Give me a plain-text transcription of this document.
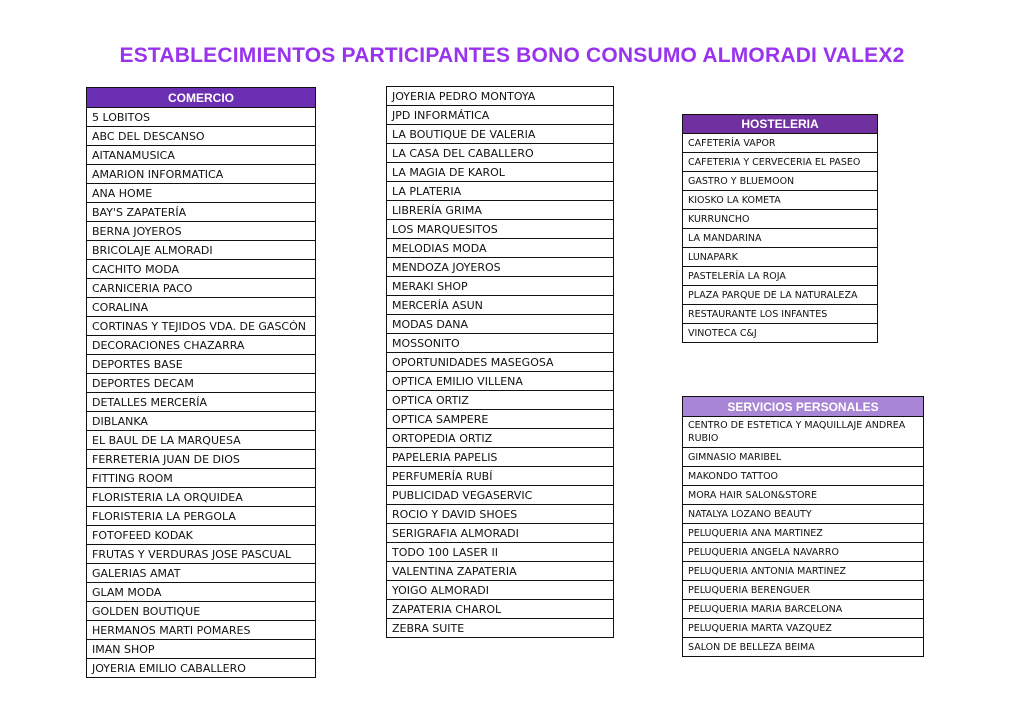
ESTABLECIMIENTOS PARTICIPANTES BONO CONSUMO ALMORADI VALEX2
COMERCIO
5 LOBITOS
ABC DEL DESCANSO
AITANAMUSICA
AMARION INFORMATICA
ANA HOME
BAY'S ZAPATERÍA
BERNA JOYEROS
BRICOLAJE ALMORADI
CACHITO MODA
CARNICERIA PACO
CORALINA
CORTINAS Y TEJIDOS VDA. DE GASCÓN
DECORACIONES CHAZARRA
DEPORTES BASE
DEPORTES DECAM
DETALLES MERCERÍA
DIBLANKA
EL BAUL DE LA MARQUESA
FERRETERIA JUAN DE DIOS
FITTING ROOM
FLORISTERIA LA ORQUIDEA
FLORISTERIA LA PERGOLA
FOTOFEED KODAK
FRUTAS Y VERDURAS JOSE PASCUAL
GALERIAS AMAT
GLAM MODA
GOLDEN BOUTIQUE
HERMANOS MARTI POMARES
IMAN SHOP
JOYERIA EMILIO CABALLERO
JOYERIA PEDRO MONTOYA
JPD INFORMÁTICA
LA BOUTIQUE DE VALERIA
LA CASA DEL CABALLERO
LA MAGIA DE KAROL
LA PLATERIA
LIBRERÍA GRIMA
LOS MARQUESITOS
MELODIAS MODA
MENDOZA JOYEROS
MERAKI SHOP
MERCERÍA ASUN
MODAS DANA
MOSSONITO
OPORTUNIDADES MASEGOSA
OPTICA EMILIO VILLENA
OPTICA ORTIZ
OPTICA SAMPERE
ORTOPEDIA ORTIZ
PAPELERIA PAPELIS
PERFUMERÍA RUBÍ
PUBLICIDAD VEGASERVIC
ROCIO Y DAVID SHOES
SERIGRAFIA ALMORADI
TODO 100 LASER II
VALENTINA ZAPATERIA
YOIGO ALMORADI
ZAPATERIA CHAROL
ZEBRA SUITE
HOSTELERIA
CAFETERÍA VAPOR
CAFETERIA Y CERVECERIA EL PASEO
GASTRO Y BLUEMOON
KIOSKO LA KOMETA
KURRUNCHO
LA MANDARINA
LUNAPARK
PASTELERÍA LA ROJA
PLAZA PARQUE DE LA NATURALEZA
RESTAURANTE LOS INFANTES
VINOTECA C&J
SERVICIOS PERSONALES
CENTRO DE ESTETICA Y MAQUILLAJE ANDREA RUBIO
GIMNASIO MARIBEL
MAKONDO TATTOO
MORA HAIR SALON&STORE
NATALYA LOZANO BEAUTY
PELUQUERIA ANA MARTINEZ
PELUQUERIA ANGELA NAVARRO
PELUQUERIA ANTONIA MARTINEZ
PELUQUERIA BERENGUER
PELUQUERIA MARIA BARCELONA
PELUQUERIA MARTA VAZQUEZ
SALON DE BELLEZA BEIMA
